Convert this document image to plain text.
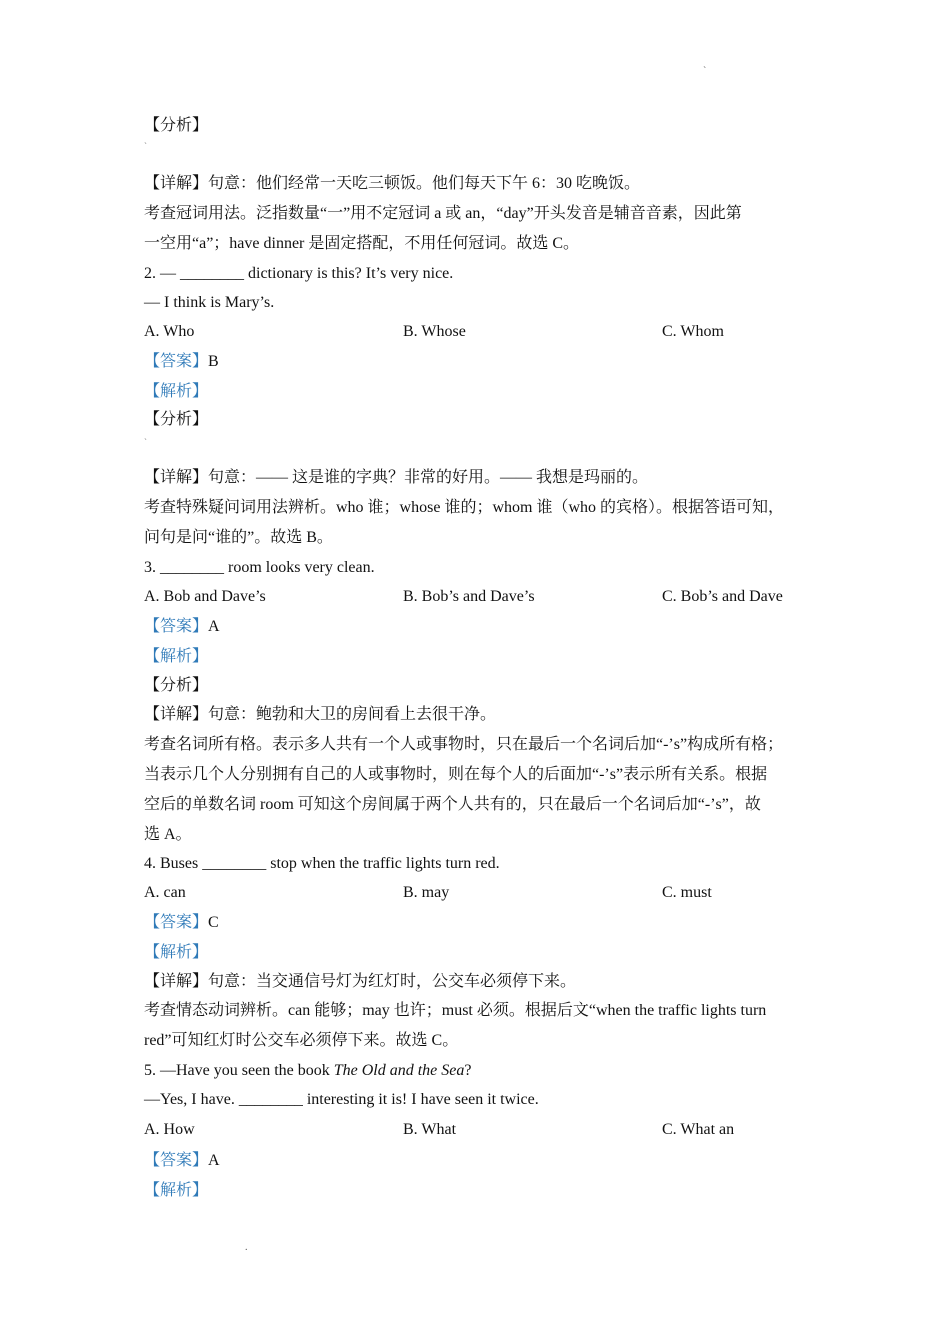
`
【分析】
`
【详解】句意：他们经常一天吃三顿饭。他们每天下午 6：30 吃晚饭。
考查冠词用法。泛指数量“一”用不定冠词 a 或 an，“day”开头发音是辅音音素，因此第
一空用“a”；have dinner 是固定搭配，不用任何冠词。故选 C。
2. — ________ dictionary is this? It’s very nice.
— I think is Mary’s.
A. Who	B. Whose	C. Whom
【答案】B
【解析】
【分析】
`
【详解】句意：—— 这是谁的字典？非常的好用。—— 我想是玛丽的。
考查特殊疑问词用法辨析。who 谁；whose 谁的；whom 谁（who 的宾格）。根据答语可知，
问句是问“谁的”。故选 B。
3. ________ room looks very clean.
A. Bob and Dave’s	B. Bob’s and Dave’s	C. Bob’s and Dave
【答案】A
【解析】
【分析】
【详解】句意：鲍勃和大卫的房间看上去很干净。
考查名词所有格。表示多人共有一个人或事物时，只在最后一个名词后加“-’s”构成所有格；
当表示几个人分别拥有自己的人或事物时，则在每个人的后面加“-’s”表示所有关系。根据
空后的单数名词 room 可知这个房间属于两个人共有的，只在最后一个名词后加“-’s”，故
选 A。
4. Buses ________ stop when the traffic lights turn red.
A. can	B. may	C. must
【答案】C
【解析】
【详解】句意：当交通信号灯为红灯时，公交车必须停下来。
考查情态动词辨析。can 能够；may 也许；must 必须。根据后文“when the traffic lights turn
red”可知红灯时公交车必须停下来。故选 C。
5. —Have you seen the book The Old and the Sea?
—Yes, I have. ________ interesting it is! I have seen it twice.
A. How	B. What	C. What an
【答案】A
【解析】
.
